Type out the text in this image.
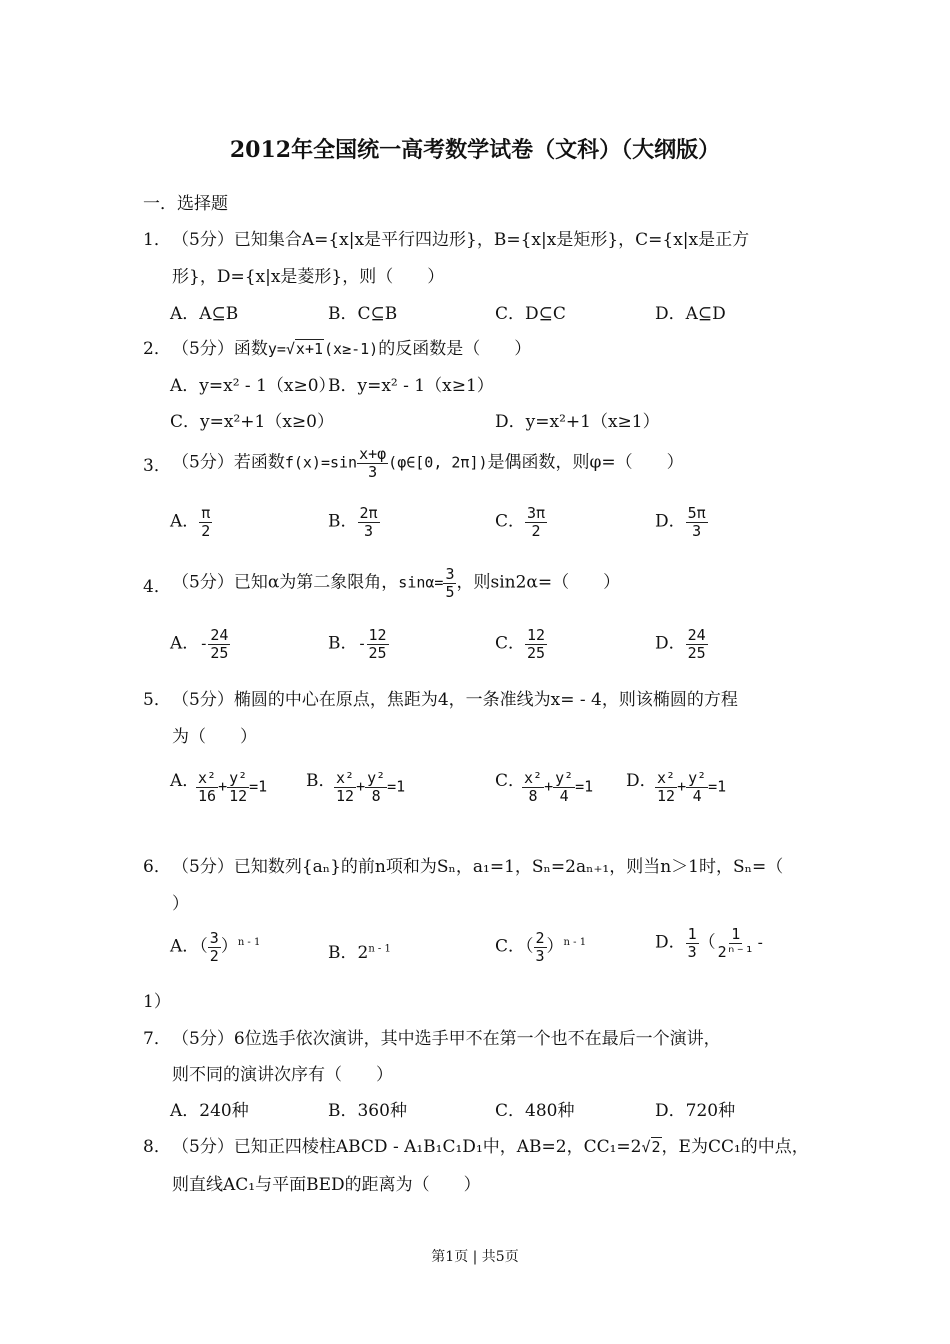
2012年全国统一高考数学试卷（文科）（大纲版）
一．选择题
1． （5分）已知集合A={x|x是平行四边形}，B={x|x是矩形}，C={x|x是正方
形}，D={x|x是菱形}，则（　　）
A．A⊆B	B．C⊆B	C．D⊆C	D．A⊆D
2． （5分）函数y=√x+1(x≥-1)的反函数是（　　）
A．y=x² - 1（x≥0）
B．y=x² - 1（x≥1）
C．y=x²+1（x≥0）	D．y=x²+1（x≥1）
3． （5分）若函数$f(x)=\sin \frac{x+\varphi}{3}$ (φ∈[0, 2π])是偶函数，则φ=（　　）
A． $\frac{\pi}{2}$	B． $\frac{2\pi}{3}$	C． $\frac{3\pi}{2}$	D． $\frac{5\pi}{3}$
4． （5分）已知α为第二象限角，$\sin\alpha= \frac{3}{5}$ ，则sin2α=（　　）
A．- $\frac{24}{25}$	B．- $\frac{12}{25}$	C． $\frac{12}{25}$	D． $\frac{24}{25}$
5． （5分）椭圆的中心在原点，焦距为4，一条准线为x= - 4，则该椭圆的方程
为（　　）
A．
$\frac{\text{x²}}{16} + \frac{\text{y²}}{12} =1$ B．
$\frac{\text{x²}}{12} + \frac{\text{y²}}{8} =1$	C．
$\frac{\text{x²}}{8} + \frac{\text{y²}}{4} =1$ D．
$\frac{\text{x²}}{12} + \frac{\text{y²}}{4} =1$
6． （5分）已知数列{aₙ}的前n项和为Sₙ，a₁=1，Sₙ=2aₙ₊₁，则当n＞1时，Sₙ=（
）
A．（ $\frac{3}{2} )^{n - 1}$
B．2$^{n - 1}$	C．（ $\frac{2}{3} )^{n - 1}$	D． $\frac{1}{3}$ （ $\frac{1}{\text{2ⁿ⁻¹}}$ -
1）
7． （5分）6位选手依次演讲，其中选手甲不在第一个也不在最后一个演讲，
则不同的演讲次序有（　　）
A．240种	B．360种	C．480种	D．720种
8． （5分）已知正四棱柱ABCD - A₁B₁C₁D₁中，AB=2，CC₁=2√2，E为CC₁的中点，
则直线AC₁与平面BED的距离为（　　）
第1页 | 共5页
